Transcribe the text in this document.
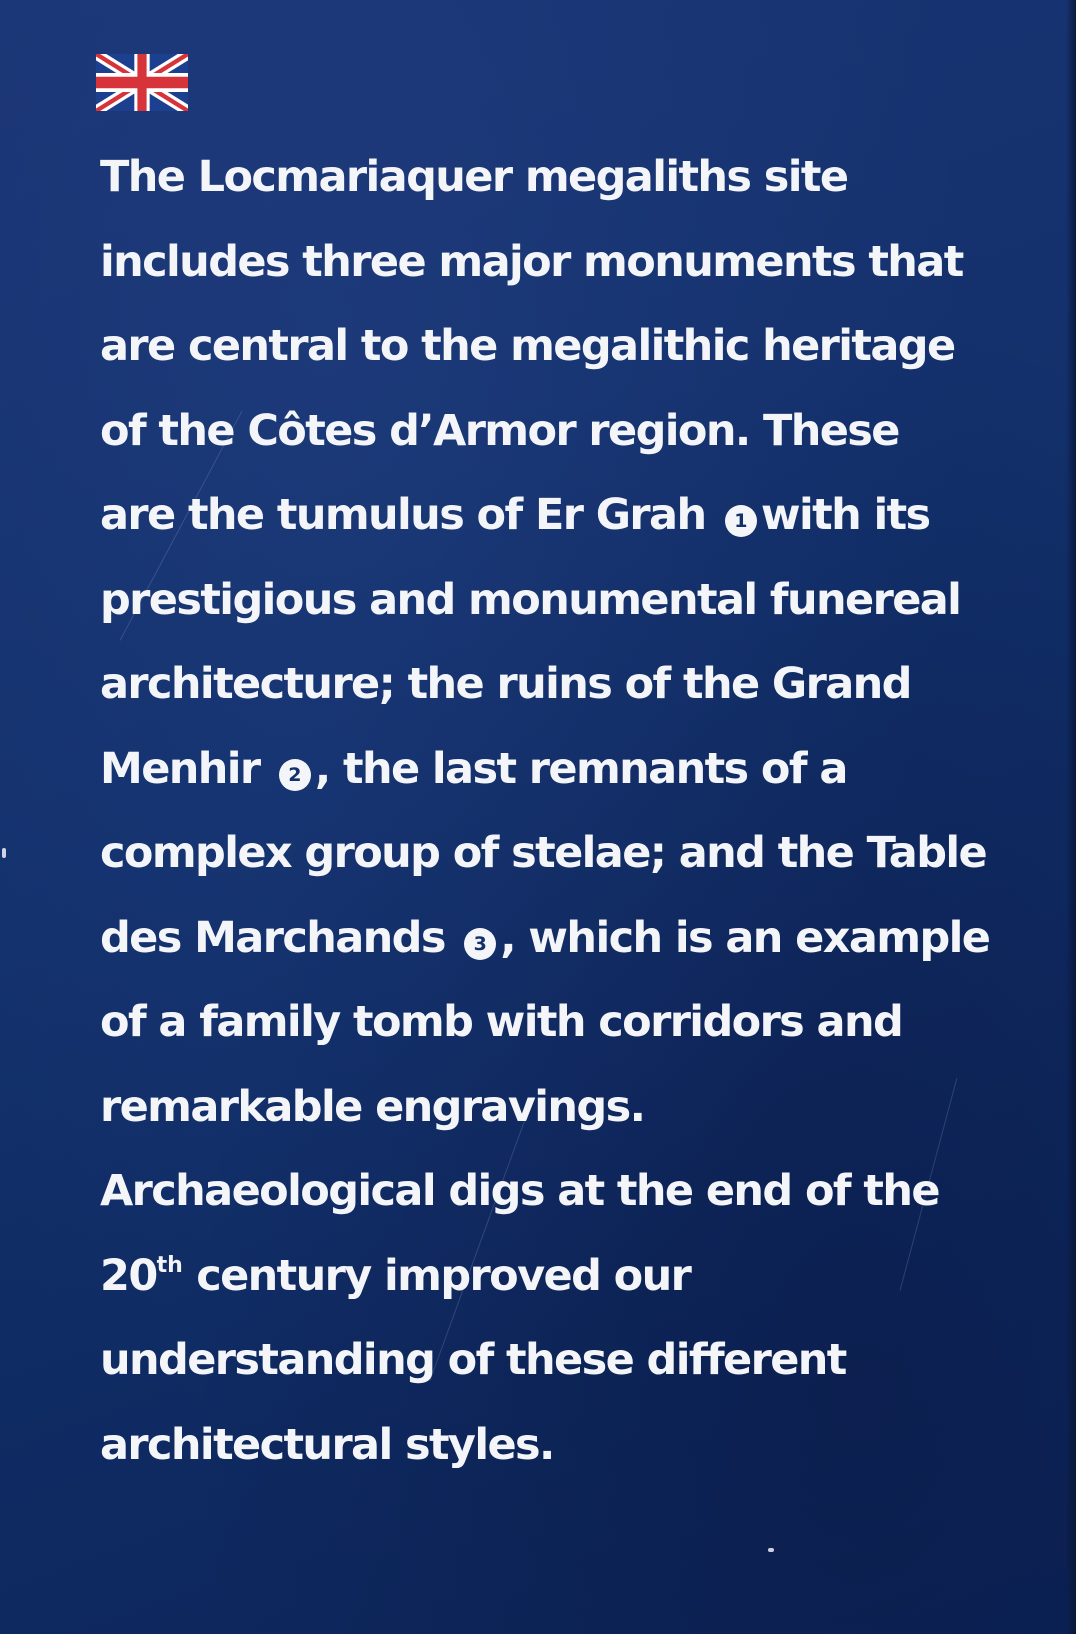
The Locmariaquer megaliths site
includes three major monuments that
are central to the megalithic heritage
of the Côtes d’Armor region. These
are the tumulus of Er Grah 1 with its
prestigious and monumental funereal
architecture; the ruins of the Grand
Menhir 2 , the last remnants of a
complex group of stelae; and the Table
des Marchands 3 , which is an example
of a family tomb with corridors and
remarkable engravings.
Archaeological digs at the end of the
20th century improved our
understanding of these different
architectural styles.
